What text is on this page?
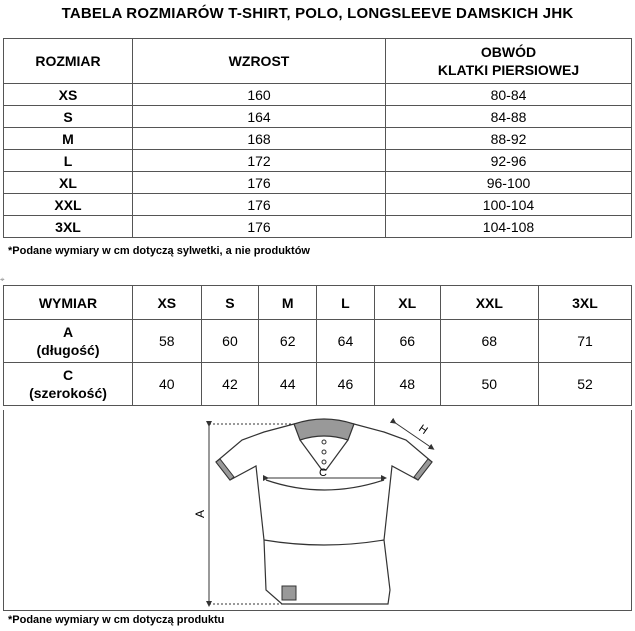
TABELA ROZMIARÓW T-SHIRT, POLO, LONGSLEEVE DAMSKICH JHK
ROZMIAR	WZROST	OBWÓD
KLATKI PIERSIOWEJ
XS	160	80-84
S	164	84-88
M	168	88-92
L	172	92-96
XL	176	96-100
XXL	176	100-104
3XL	176	104-108
*Podane wymiary w cm dotyczą sylwetki, a nie produktów
⌖
WYMIAR	XS	S	M	L	XL	XXL	3XL
A
(długość)	58	60	62	64	66	68	71
C
(szerokość)	40	42	44	46	48	50	52
C
A
H
*Podane wymiary w cm dotyczą produktu
